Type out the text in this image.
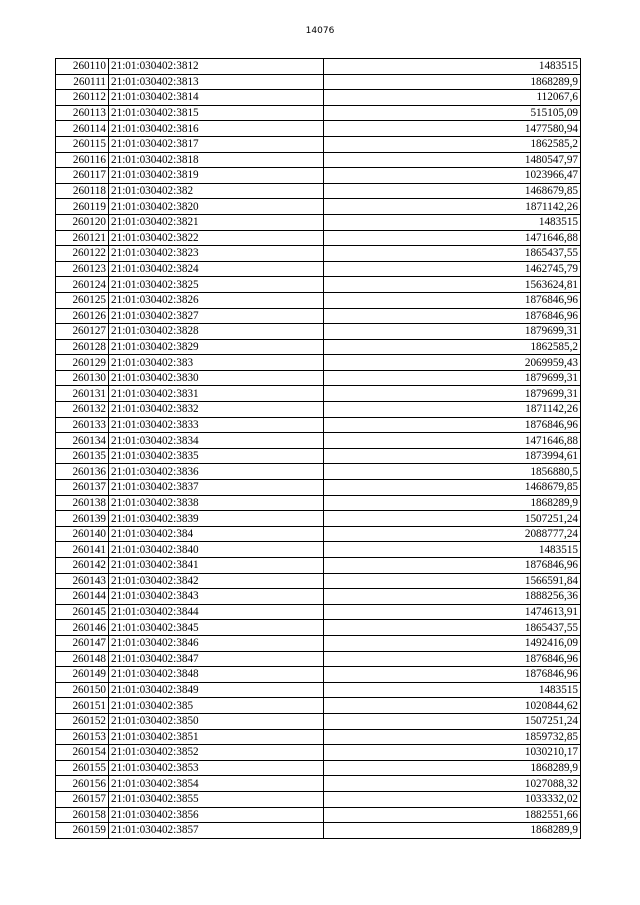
14076
260110	21:01:030402:3812	1483515
260111	21:01:030402:3813	1868289,9
260112	21:01:030402:3814	112067,6
260113	21:01:030402:3815	515105,09
260114	21:01:030402:3816	1477580,94
260115	21:01:030402:3817	1862585,2
260116	21:01:030402:3818	1480547,97
260117	21:01:030402:3819	1023966,47
260118	21:01:030402:382	1468679,85
260119	21:01:030402:3820	1871142,26
260120	21:01:030402:3821	1483515
260121	21:01:030402:3822	1471646,88
260122	21:01:030402:3823	1865437,55
260123	21:01:030402:3824	1462745,79
260124	21:01:030402:3825	1563624,81
260125	21:01:030402:3826	1876846,96
260126	21:01:030402:3827	1876846,96
260127	21:01:030402:3828	1879699,31
260128	21:01:030402:3829	1862585,2
260129	21:01:030402:383	2069959,43
260130	21:01:030402:3830	1879699,31
260131	21:01:030402:3831	1879699,31
260132	21:01:030402:3832	1871142,26
260133	21:01:030402:3833	1876846,96
260134	21:01:030402:3834	1471646,88
260135	21:01:030402:3835	1873994,61
260136	21:01:030402:3836	1856880,5
260137	21:01:030402:3837	1468679,85
260138	21:01:030402:3838	1868289,9
260139	21:01:030402:3839	1507251,24
260140	21:01:030402:384	2088777,24
260141	21:01:030402:3840	1483515
260142	21:01:030402:3841	1876846,96
260143	21:01:030402:3842	1566591,84
260144	21:01:030402:3843	1888256,36
260145	21:01:030402:3844	1474613,91
260146	21:01:030402:3845	1865437,55
260147	21:01:030402:3846	1492416,09
260148	21:01:030402:3847	1876846,96
260149	21:01:030402:3848	1876846,96
260150	21:01:030402:3849	1483515
260151	21:01:030402:385	1020844,62
260152	21:01:030402:3850	1507251,24
260153	21:01:030402:3851	1859732,85
260154	21:01:030402:3852	1030210,17
260155	21:01:030402:3853	1868289,9
260156	21:01:030402:3854	1027088,32
260157	21:01:030402:3855	1033332,02
260158	21:01:030402:3856	1882551,66
260159	21:01:030402:3857	1868289,9
